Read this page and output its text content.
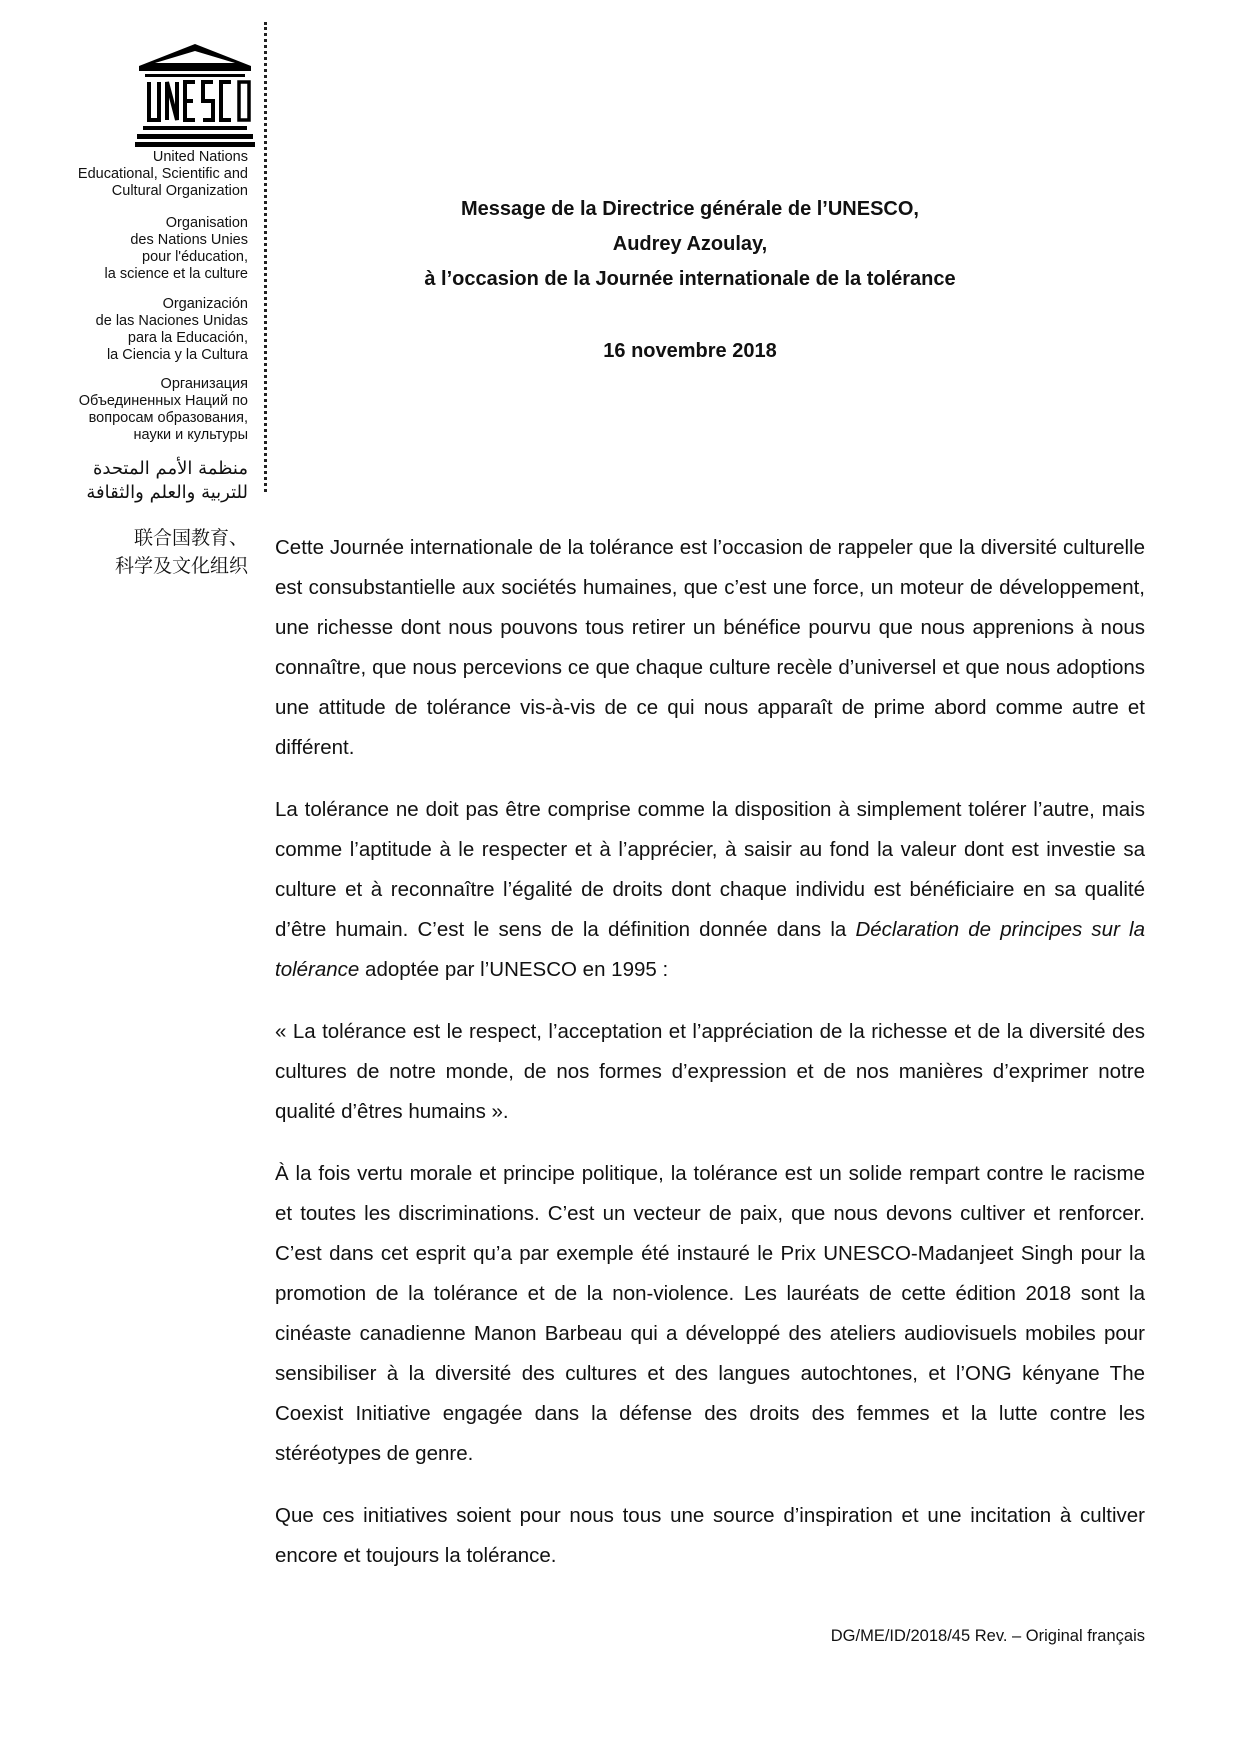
United Nations
Educational, Scientific and
Cultural Organization
Organisation
des Nations Unies
pour l'éducation,
la science et la culture
Organización
de las Naciones Unidas
para la Educación,
la Ciencia y la Cultura
Организация
Объединенных Наций по
вопросам образования,
науки и культуры
منظمة الأمم المتحدة
للتربية والعلم والثقافة
联合国教育、
科学及文化组织
Message de la Directrice générale de l’UNESCO,
Audrey Azoulay,
à l’occasion de la Journée internationale de la tolérance
16 novembre 2018

Cette Journée internationale de la tolérance est l’occasion de rappeler que la diversité culturelle est consubstantielle aux sociétés humaines, que c’est une force, un moteur de développement, une richesse dont nous pouvons tous retirer un bénéfice pourvu que nous apprenions à nous connaître, que nous percevions ce que chaque culture recèle d’universel et que nous adoptions une attitude de tolérance vis-à-vis de ce qui nous apparaît de prime abord comme autre et différent.

La tolérance ne doit pas être comprise comme la disposition à simplement tolérer l’autre, mais comme l’aptitude à le respecter et à l’apprécier, à saisir au fond la valeur dont est investie sa culture et à reconnaître l’égalité de droits dont chaque individu est bénéficiaire en sa qualité d’être humain. C’est le sens de la définition donnée dans la Déclaration de principes sur la tolérance adoptée par l’UNESCO en 1995 :

« La tolérance est le respect, l’acceptation et l’appréciation de la richesse et de la diversité des cultures de notre monde, de nos formes d’expression et de nos manières d’exprimer notre qualité d’êtres humains ».

À la fois vertu morale et principe politique, la tolérance est un solide rempart contre le racisme et toutes les discriminations. C’est un vecteur de paix, que nous devons cultiver et renforcer. C’est dans cet esprit qu’a par exemple été instauré le Prix UNESCO-Madanjeet Singh pour la promotion de la tolérance et de la non-violence. Les lauréats de cette édition 2018 sont la cinéaste canadienne Manon Barbeau qui a développé des ateliers audiovisuels mobiles pour sensibiliser à la diversité des cultures et des langues autochtones, et l’ONG kényane The Coexist Initiative engagée dans la défense des droits des femmes et la lutte contre les stéréotypes de genre.

Que ces initiatives soient pour nous tous une source d’inspiration et une incitation à cultiver encore et toujours la tolérance.

DG/ME/ID/2018/45 Rev. – Original français
